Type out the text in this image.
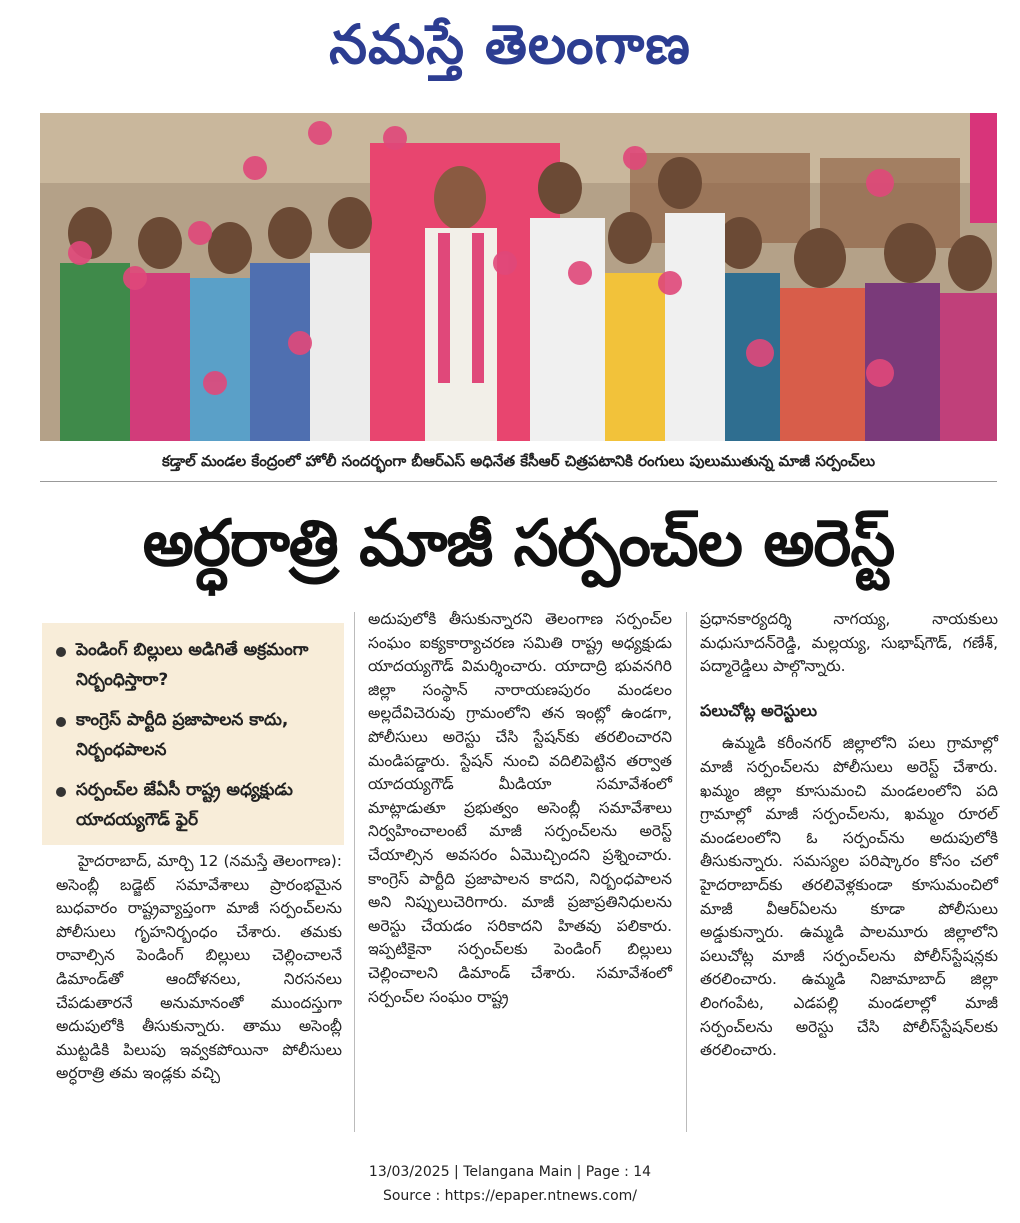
నమస్తే తెలంగాణ
కడ్తాల్ మండల కేంద్రంలో హోలీ సందర్భంగా బీఆర్ఎస్ అధినేత కేసీఆర్ చిత్రపటానికి రంగులు పులుముతున్న మాజీ సర్పంచ్‌లు
అర్ధరాత్రి మాజీ సర్పంచ్‌ల అరెస్ట్
పెండింగ్ బిల్లులు అడిగితే అక్రమంగా నిర్బంధిస్తారా?
కాంగ్రెస్ పార్టీది ప్రజాపాలన కాదు, నిర్బంధపాలన
సర్పంచ్‌ల జేఏసీ రాష్ట్ర అధ్యక్షుడు యాదయ్యగౌడ్ ఫైర్

హైదరాబాద్, మార్చి 12 (నమస్తే తెలంగాణ): అసెంబ్లీ బడ్జెట్ సమావేశాలు ప్రారంభమైన బుధవారం రాష్ట్రవ్యాప్తంగా మాజీ సర్పంచ్‌లను పోలీసులు గృహనిర్బంధం చేశారు. తమకు రావాల్సిన పెండింగ్ బిల్లులు చెల్లించాలనే డిమాండ్‌తో ఆందోళనలు, నిరసనలు చేపడుతారనే అనుమానంతో ముందస్తుగా అదుపులోకి తీసుకున్నారు. తాము అసెంబ్లీ ముట్టడికి పిలుపు ఇవ్వకపోయినా పోలీసులు అర్ధరాత్రి తమ ఇండ్లకు వచ్చి

అదుపులోకి తీసుకున్నారని తెలంగాణ సర్పంచ్‌ల సంఘం ఐక్యకార్యాచరణ సమితి రాష్ట్ర అధ్యక్షుడు యాదయ్యగౌడ్ విమర్శించారు. యాదాద్రి భువనగిరి జిల్లా సంస్థాన్ నారాయణపురం మండలం అల్లదేవిచెరువు గ్రామంలోని తన ఇంట్లో ఉండగా, పోలీసులు అరెస్టు చేసి స్టేషన్‌కు తరలించారని మండిపడ్డారు. స్టేషన్ నుంచి వదిలిపెట్టిన తర్వాత యాదయ్యగౌడ్ మీడియా సమావేశంలో మాట్లాడుతూ ప్రభుత్వం అసెంబ్లీ సమావేశాలు నిర్వహించాలంటే మాజీ సర్పంచ్‌లను అరెస్ట్ చేయాల్సిన అవసరం ఏమొచ్చిందని ప్రశ్నించారు. కాంగ్రెస్ పార్టీది ప్రజాపాలన కాదని, నిర్బంధపాలన అని నిప్పులుచెరిగారు. మాజీ ప్రజాప్రతినిధులను అరెస్టు చేయడం సరికాదని హితవు పలికారు. ఇప్పటికైనా సర్పంచ్‌లకు పెండింగ్ బిల్లులు చెల్లించాలని డిమాండ్ చేశారు. సమావేశంలో సర్పంచ్‌ల సంఘం రాష్ట్ర

ప్రధానకార్యదర్శి నాగయ్య, నాయకులు మధుసూదన్‌రెడ్డి, మల్లయ్య, సుభాష్‌గౌడ్, గణేశ్, పద్మారెడ్డిలు పాల్గొన్నారు.

పలుచోట్ల అరెస్టులు

ఉమ్మడి కరీంనగర్ జిల్లాలోని పలు గ్రామాల్లో మాజీ సర్పంచ్‌లను పోలీసులు అరెస్ట్ చేశారు. ఖమ్మం జిల్లా కూసుమంచి మండలంలోని పది గ్రామాల్లో మాజీ సర్పంచ్‌లను, ఖమ్మం రూరల్ మండలంలోని ఓ సర్పంచ్‌ను అదుపులోకి తీసుకున్నారు. సమస్యల పరిష్కారం కోసం చలో హైదరాబాద్‌కు తరలివెళ్లకుండా కూసుమంచిలో మాజీ వీఆర్ఏలను కూడా పోలీసులు అడ్డుకున్నారు. ఉమ్మడి పాలమూరు జిల్లాలోని పలుచోట్ల మాజీ సర్పంచ్‌లను పోలీస్‌స్టేషన్లకు తరలించారు. ఉమ్మడి నిజామాబాద్ జిల్లా లింగంపేట, ఎడపల్లి మండలాల్లో మాజీ సర్పంచ్‌లను అరెస్టు చేసి పోలీస్‌స్టేషన్‌లకు తరలించారు.

13/03/2025 | Telangana Main | Page : 14
Source : https://epaper.ntnews.com/
